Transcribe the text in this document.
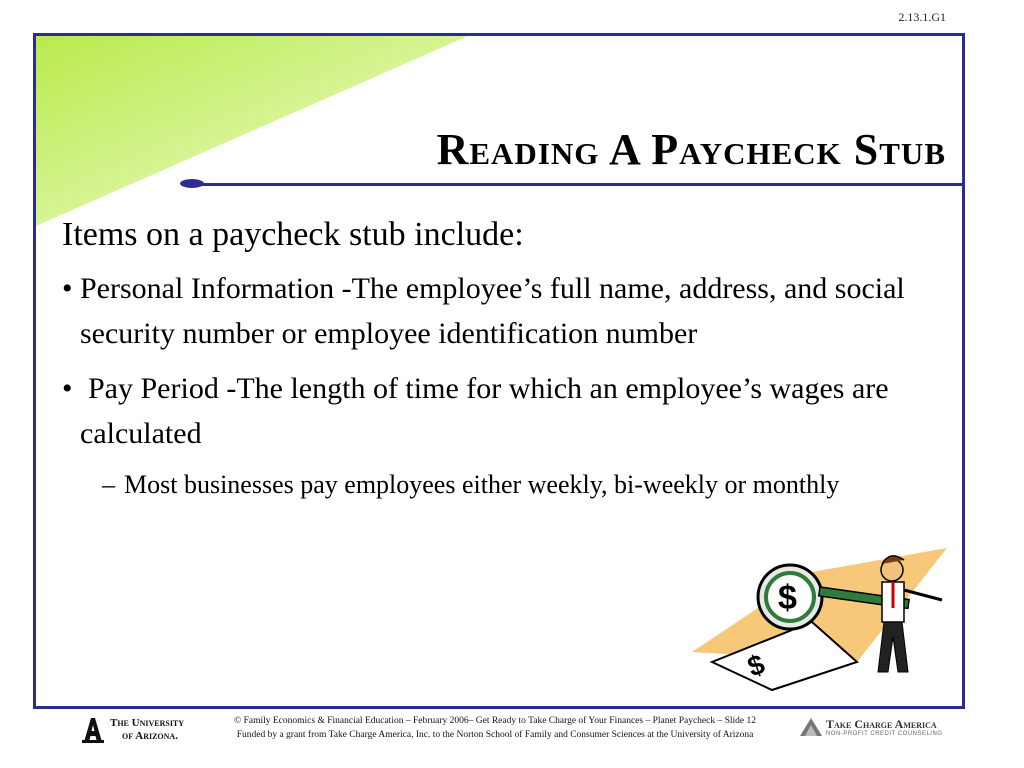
2.13.1.G1
Reading A Paycheck Stub
Items on a paycheck stub include:
• Personal Information -The employee’s full name, address, and social security number or employee identification number
• Pay Period -The length of time for which an employee’s wages are calculated
– Most businesses pay employees either weekly, bi-weekly or monthly
$
$
The University
of Arizona.
© Family Economics & Financial Education – February 2006– Get Ready to Take Charge of Your Finances – Planet Paycheck – Slide 12
Funded by a grant from Take Charge America, Inc. to the Norton School of Family and Consumer Sciences at the University of Arizona
Take Charge America
NON-PROFIT CREDIT COUNSELING
